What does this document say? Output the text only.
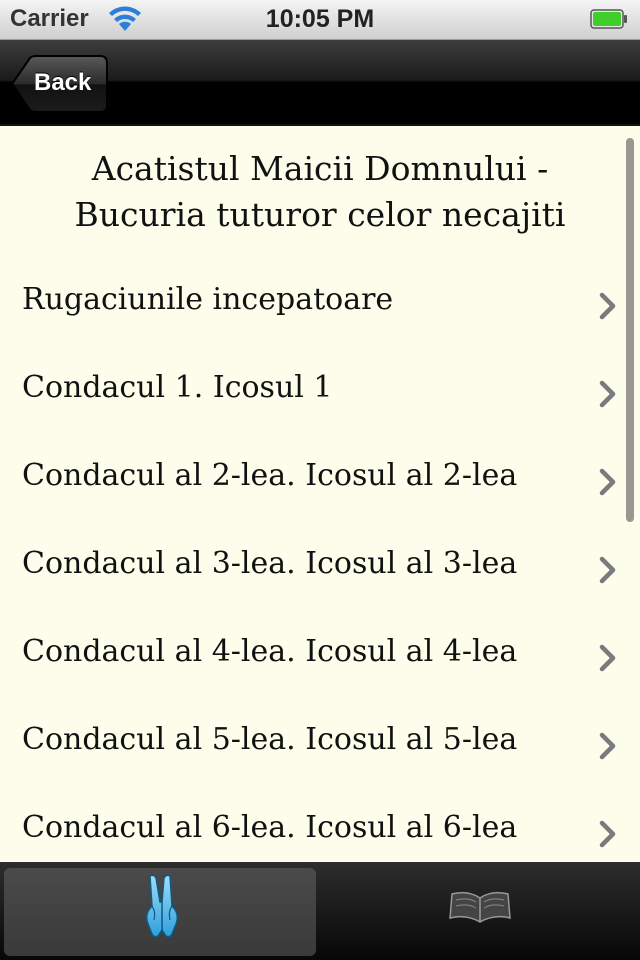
Carrier	10:05 PM
Back
Acatistul Maicii Domnului -
Bucuria tuturor celor necajiti
Rugaciunile incepatoare
Condacul 1. Icosul 1
Condacul al 2-lea. Icosul al 2-lea
Condacul al 3-lea. Icosul al 3-lea
Condacul al 4-lea. Icosul al 4-lea
Condacul al 5-lea. Icosul al 5-lea
Condacul al 6-lea. Icosul al 6-lea
